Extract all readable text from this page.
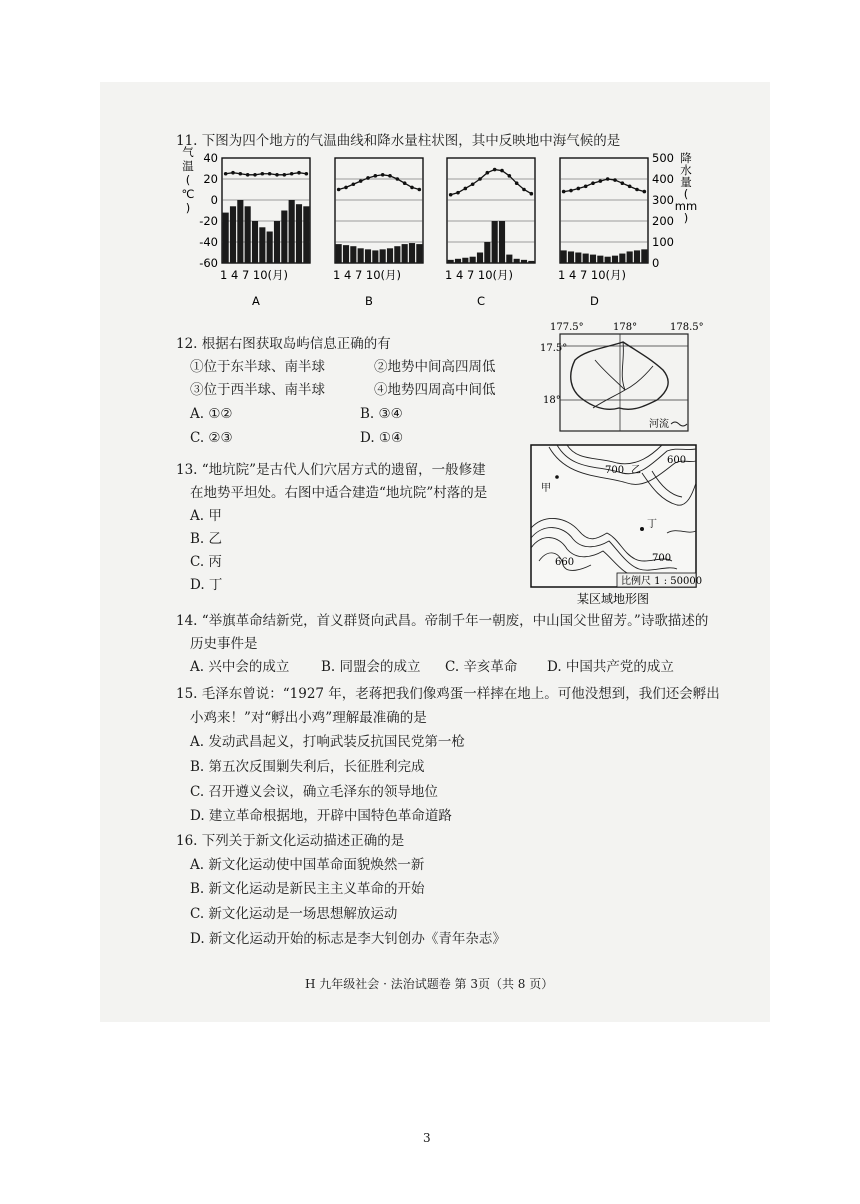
11. 下图为四个地方的气温曲线和降水量柱状图，其中反映地中海气候的是
40
20
0
-20
-40
-60
气
温
(
℃
)
500
400
300
200
100
0
降
水
量
(
mm
)
1 4 7 10(月)
A
1 4 7 10(月)
B
1 4 7 10(月)
C
1 4 7 10(月)
D
12. 根据右图获取岛屿信息正确的有
①位于东半球、南半球	②地势中间高四周低
③位于西半球、南半球	④地势四周高中间低
A. ①②	B. ③④
C. ②③	D. ①④
177.5°	178°	178.5°
17.5°
18°
河流
13. “地坑院”是古代人们穴居方式的遗留，一般修建
在地势平坦处。右图中适合建造“地坑院”村落的是
A. 甲
B. 乙
C. 丙
D. 丁
600
700
700
660
甲
乙
丁
比例尺 1 : 50000
某区域地形图
14. “举旗革命结新党，首义群贤向武昌。帝制千年一朝废，中山国父世留芳。”诗歌描述的
历史事件是
A. 兴中会的成立 B. 同盟会的成立 C. 辛亥革命 D. 中国共产党的成立
15. 毛泽东曾说：“1927 年，老蒋把我们像鸡蛋一样摔在地上。可他没想到，我们还会孵出
小鸡来！”对“孵出小鸡”理解最准确的是
A. 发动武昌起义，打响武装反抗国民党第一枪
B. 第五次反围剿失利后，长征胜利完成
C. 召开遵义会议，确立毛泽东的领导地位
D. 建立革命根据地，开辟中国特色革命道路
16. 下列关于新文化运动描述正确的是
A. 新文化运动使中国革命面貌焕然一新
B. 新文化运动是新民主主义革命的开始
C. 新文化运动是一场思想解放运动
D. 新文化运动开始的标志是李大钊创办《青年杂志》
H 九年级社会 · 法治试题卷 第 3页（共 8 页）
3
